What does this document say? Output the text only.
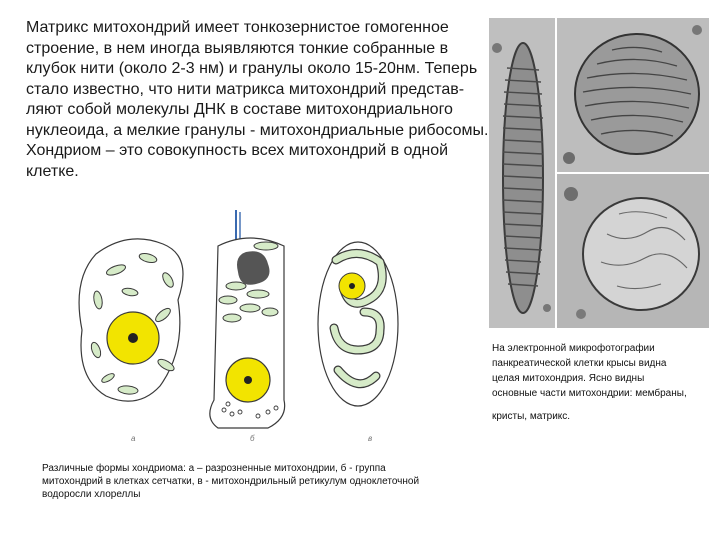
Матрикс митохондрий имеет тонкозернистое гомогенное
строение, в нем иногда выявляются тонкие собранные в
клубок нити (около 2-3 нм) и гранулы около 15-20нм. Теперь
стало известно, что нити матрикса митохондрий представ-
ляют собой молекулы ДНК в составе митохондриального
нуклеоида, а мелкие гранулы - митохондриальные рибосомы.
Хондриом – это совокупность всех митохондрий в одной
клетке.

На электронной микрофотографии
панкреатической клетки крысы видна
целая митохондрия. Ясно видны
основные части митохондрии: мембраны,
кристы, матрикс.

а	б	в

Различные формы хондриома: а – разрозненные митохондрии, б - группа
митохондрий в клетках сетчатки, в - митохондрильный ретикулум одноклеточной
водоросли хлореллы
